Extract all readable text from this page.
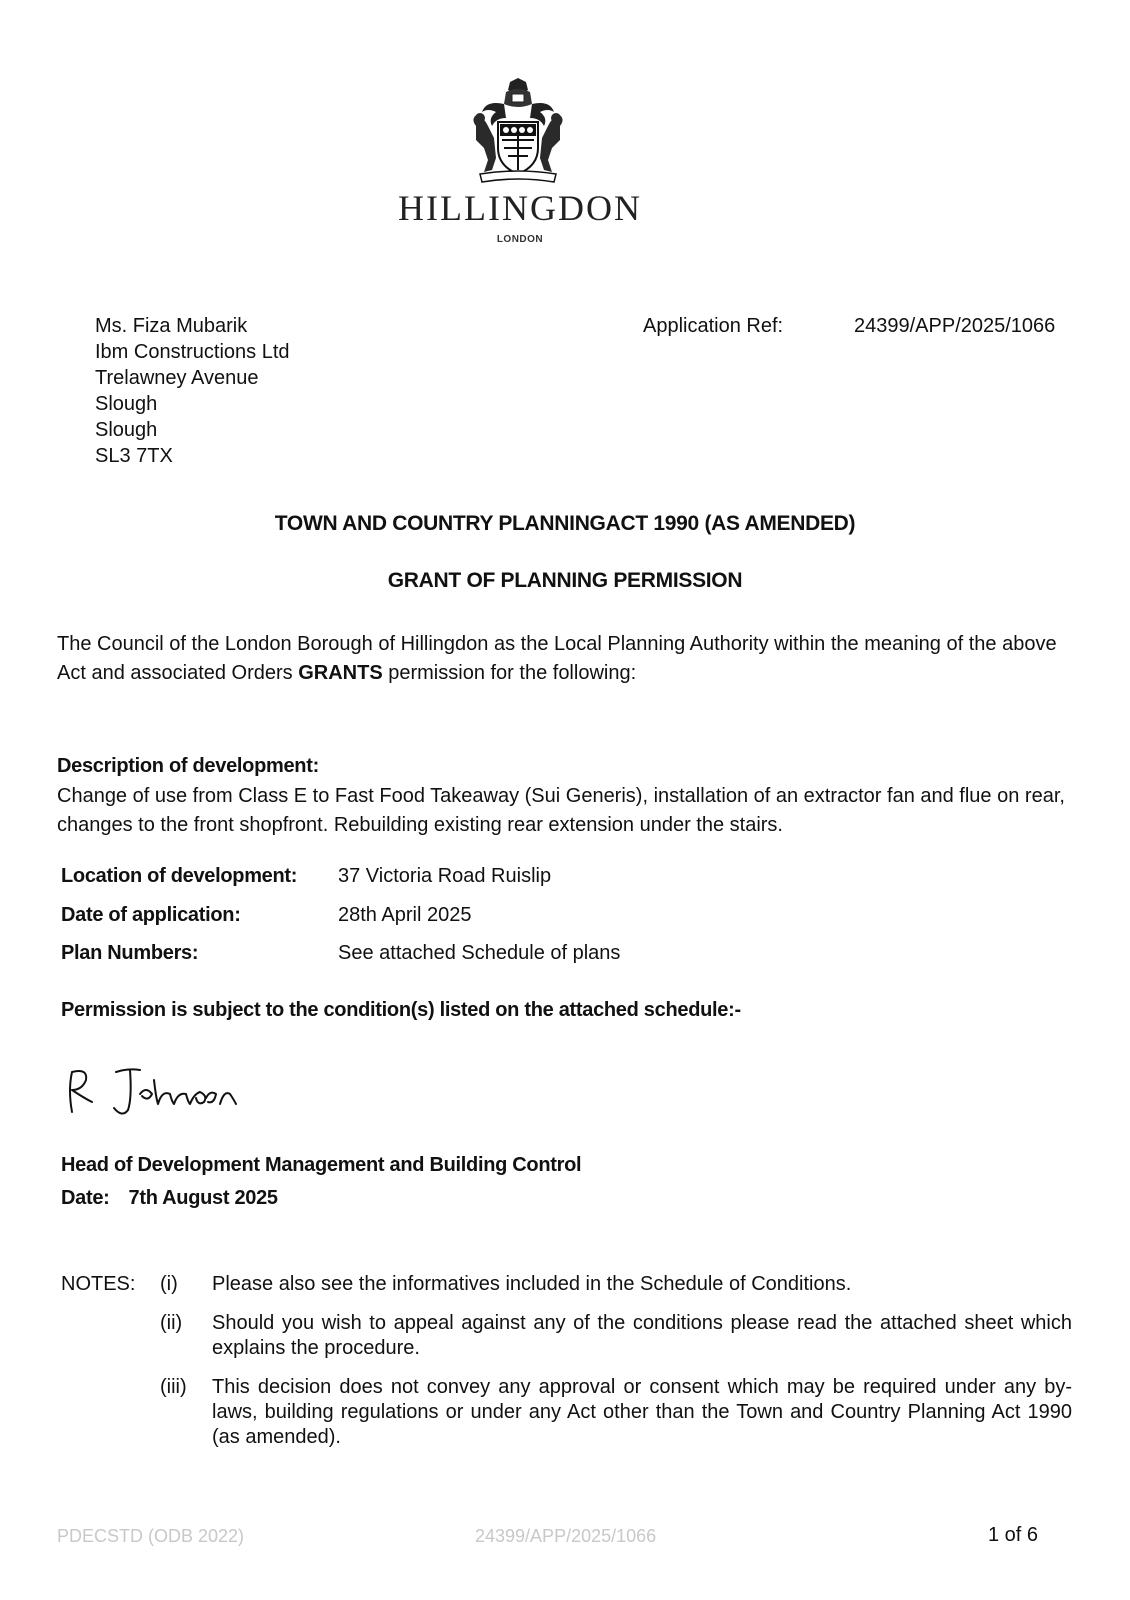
HILLINGDON
LONDON
Ms. Fiza Mubarik
Ibm Constructions Ltd
Trelawney Avenue
Slough
Slough
SL3 7TX
Application Ref:	24399/APP/2025/1066
TOWN AND COUNTRY PLANNINGACT 1990 (AS AMENDED)
GRANT OF PLANNING PERMISSION
The Council of the London Borough of Hillingdon as the Local Planning Authority within the meaning of the above Act and associated Orders GRANTS permission for the following:
Description of development:
Change of use from Class E to Fast Food Takeaway (Sui Generis), installation of an extractor fan and flue on rear, changes to the front shopfront. Rebuilding existing rear extension under the stairs.
Location of development: 37 Victoria Road Ruislip
Date of application:	28th April 2025
Plan Numbers:	See attached Schedule of plans
Permission is subject to the condition(s) listed on the attached schedule:-
Head of Development Management and Building Control
Date: 7th August 2025
NOTES: (i) Please also see the informatives included in the Schedule of Conditions.
(ii) Should you wish to appeal against any of the conditions please read the attached sheet which explains the procedure.
(iii) This decision does not convey any approval or consent which may be required under any by-laws, building regulations or under any Act other than the Town and Country Planning Act 1990 (as amended).
PDECSTD (ODB 2022)	24399/APP/2025/1066	1 of 6
